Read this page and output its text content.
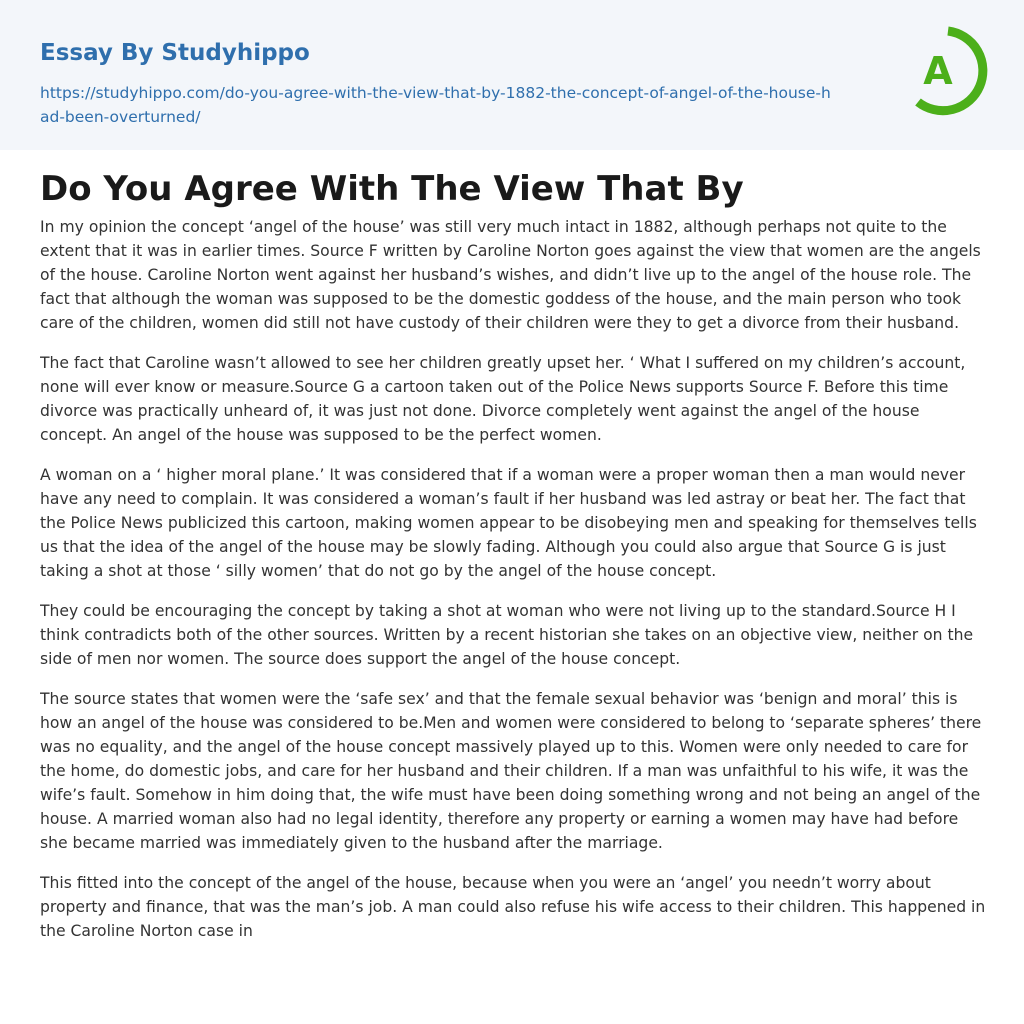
Essay By Studyhippo
https://studyhippo.com/do-you-agree-with-the-view-that-by-1882-the-concept-of-angel-of-the-house-had-been-overturned/
A
Do You Agree With The View That By

In my opinion the concept ‘angel of the house’ was still very much intact in 1882, although perhaps not quite to the extent that it was in earlier times. Source F written by Caroline Norton goes against the view that women are the angels of the house. Caroline Norton went against her husband’s wishes, and didn’t live up to the angel of the house role. The fact that although the woman was supposed to be the domestic goddess of the house, and the main person who took care of the children, women did still not have custody of their children were they to get a divorce from their husband.

The fact that Caroline wasn’t allowed to see her children greatly upset her. ‘ What I suffered on my children’s account, none will ever know or measure.Source G a cartoon taken out of the Police News supports Source F. Before this time divorce was practically unheard of, it was just not done. Divorce completely went against the angel of the house concept. An angel of the house was supposed to be the perfect women.

A woman on a ‘ higher moral plane.’ It was considered that if a woman were a proper woman then a man would never have any need to complain. It was considered a woman’s fault if her husband was led astray or beat her. The fact that the Police News publicized this cartoon, making women appear to be disobeying men and speaking for themselves tells us that the idea of the angel of the house may be slowly fading. Although you could also argue that Source G is just taking a shot at those ‘ silly women’ that do not go by the angel of the house concept.

They could be encouraging the concept by taking a shot at woman who were not living up to the standard.Source H I think contradicts both of the other sources. Written by a recent historian she takes on an objective view, neither on the side of men nor women. The source does support the angel of the house concept.

The source states that women were the ‘safe sex’ and that the female sexual behavior was ‘benign and moral’ this is how an angel of the house was considered to be.Men and women were considered to belong to ‘separate spheres’ there was no equality, and the angel of the house concept massively played up to this. Women were only needed to care for the home, do domestic jobs, and care for her husband and their children. If a man was unfaithful to his wife, it was the wife’s fault. Somehow in him doing that, the wife must have been doing something wrong and not being an angel of the house. A married woman also had no legal identity, therefore any property or earning a women may have had before she became married was immediately given to the husband after the marriage.

This fitted into the concept of the angel of the house, because when you were an ‘angel’ you needn’t worry about property and finance, that was the man’s job. A man could also refuse his wife access to their children. This happened in the Caroline Norton case in
